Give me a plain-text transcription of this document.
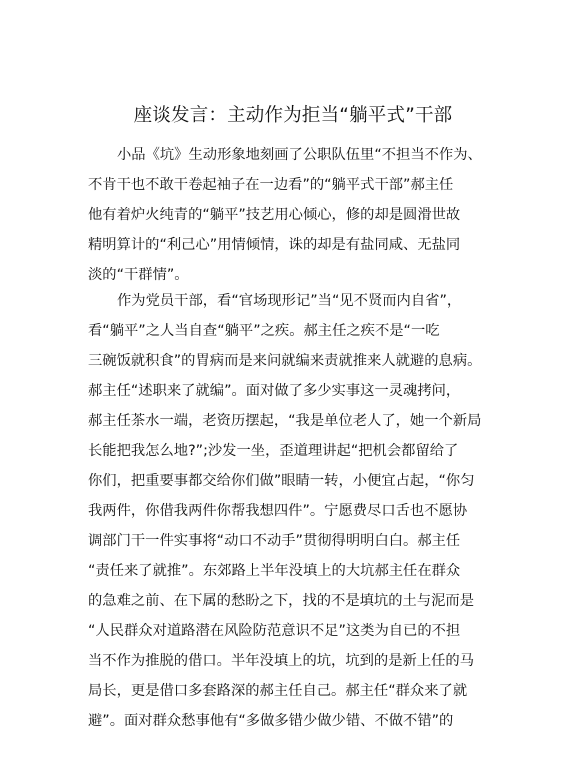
座谈发言：主动作为拒当“躺平式”干部
小品《坑》生动形象地刻画了公职队伍里“不担当不作为、
不肯干也不敢干卷起袖子在一边看”的“躺平式干部”郝主任
他有着炉火纯青的“躺平”技艺用心倾心，修的却是圆滑世故
精明算计的“利己心”用情倾情，诛的却是有盐同咸、无盐同
淡的“干群情”。
作为党员干部，看“官场现形记”当“见不贤而内自省”，
看“躺平”之人当自查“躺平”之疾。郝主任之疾不是“一吃
三碗饭就积食”的胃病而是来问就编来责就推来人就避的息病。
郝主任“述职来了就编”。面对做了多少实事这一灵魂拷问，
郝主任茶水一端，老资历摆起，“我是单位老人了，她一个新局
长能把我怎么地?”;沙发一坐，歪道理讲起“把机会都留给了
你们，把重要事都交给你们做”眼睛一转，小便宜占起，“你匀
我两件，你借我两件你帮我想四件”。宁愿费尽口舌也不愿协
调部门干一件实事将“动口不动手”贯彻得明明白白。郝主任
“责任来了就推”。东郊路上半年没填上的大坑郝主任在群众
的急难之前、在下属的愁盼之下，找的不是填坑的土与泥而是
“人民群众对道路潜在风险防范意识不足”这类为自已的不担
当不作为推脱的借口。半年没填上的坑，坑到的是新上任的马
局长，更是借口多套路深的郝主任自己。郝主任“群众来了就
避”。面对群众愁事他有“多做多错少做少错、不做不错”的
